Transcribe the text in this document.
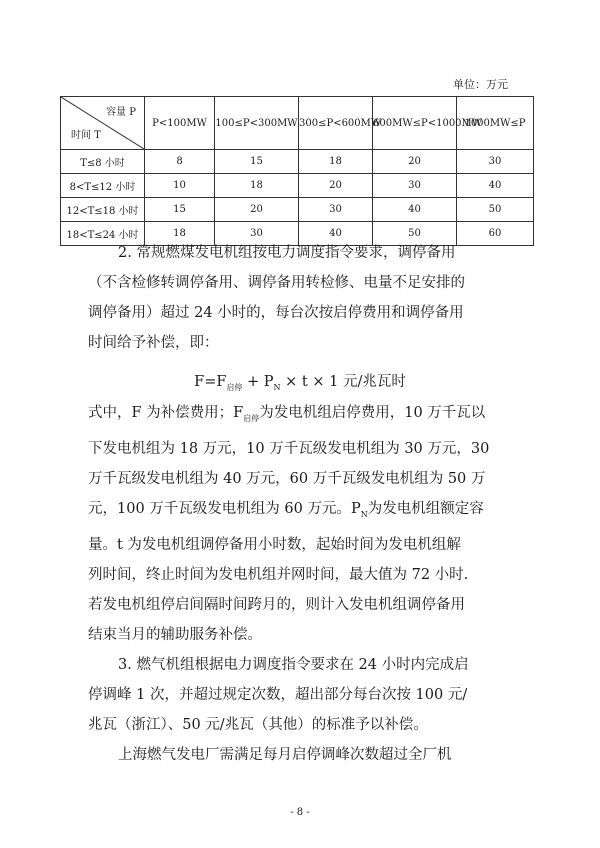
单位：万元
容量 P
时间 T	P<100MW	100≤P<300MW	300≤P<600MW	600MW≤P<1000MW	1000MW≤P
T≤8 小时	8	15	18	20	30
8<T≤12 小时	10	18	20	30	40
12<T≤18 小时	15	20	30	40	50
18<T≤24 小时	18	30	40	50	60
2. 常规燃煤发电机组按电力调度指令要求，调停备用
（不含检修转调停备用、调停备用转检修、电量不足安排的
调停备用）超过 24 小时的，每台次按启停费用和调停备用
时间给予补偿，即：
$F=F_{启停} + P_N \times t \times 1$ 元/兆瓦时
式中，F 为补偿费用；$F_{启停}$为发电机组启停费用，10 万千瓦以
下发电机组为 18 万元，10 万千瓦级发电机组为 30 万元，30
万千瓦级发电机组为 40 万元，60 万千瓦级发电机组为 50 万
元，100 万千瓦级发电机组为 60 万元。$P_N$为发电机组额定容
量。t 为发电机组调停备用小时数，起始时间为发电机组解
列时间，终止时间为发电机组并网时间，最大值为 72 小时.
若发电机组停启间隔时间跨月的，则计入发电机组调停备用
结束当月的辅助服务补偿。
3. 燃气机组根据电力调度指令要求在 24 小时内完成启
停调峰 1 次，并超过规定次数，超出部分每台次按 100 元/
兆瓦（浙江）、50 元/兆瓦（其他）的标准予以补偿。
上海燃气发电厂需满足每月启停调峰次数超过全厂机
- 8 -
